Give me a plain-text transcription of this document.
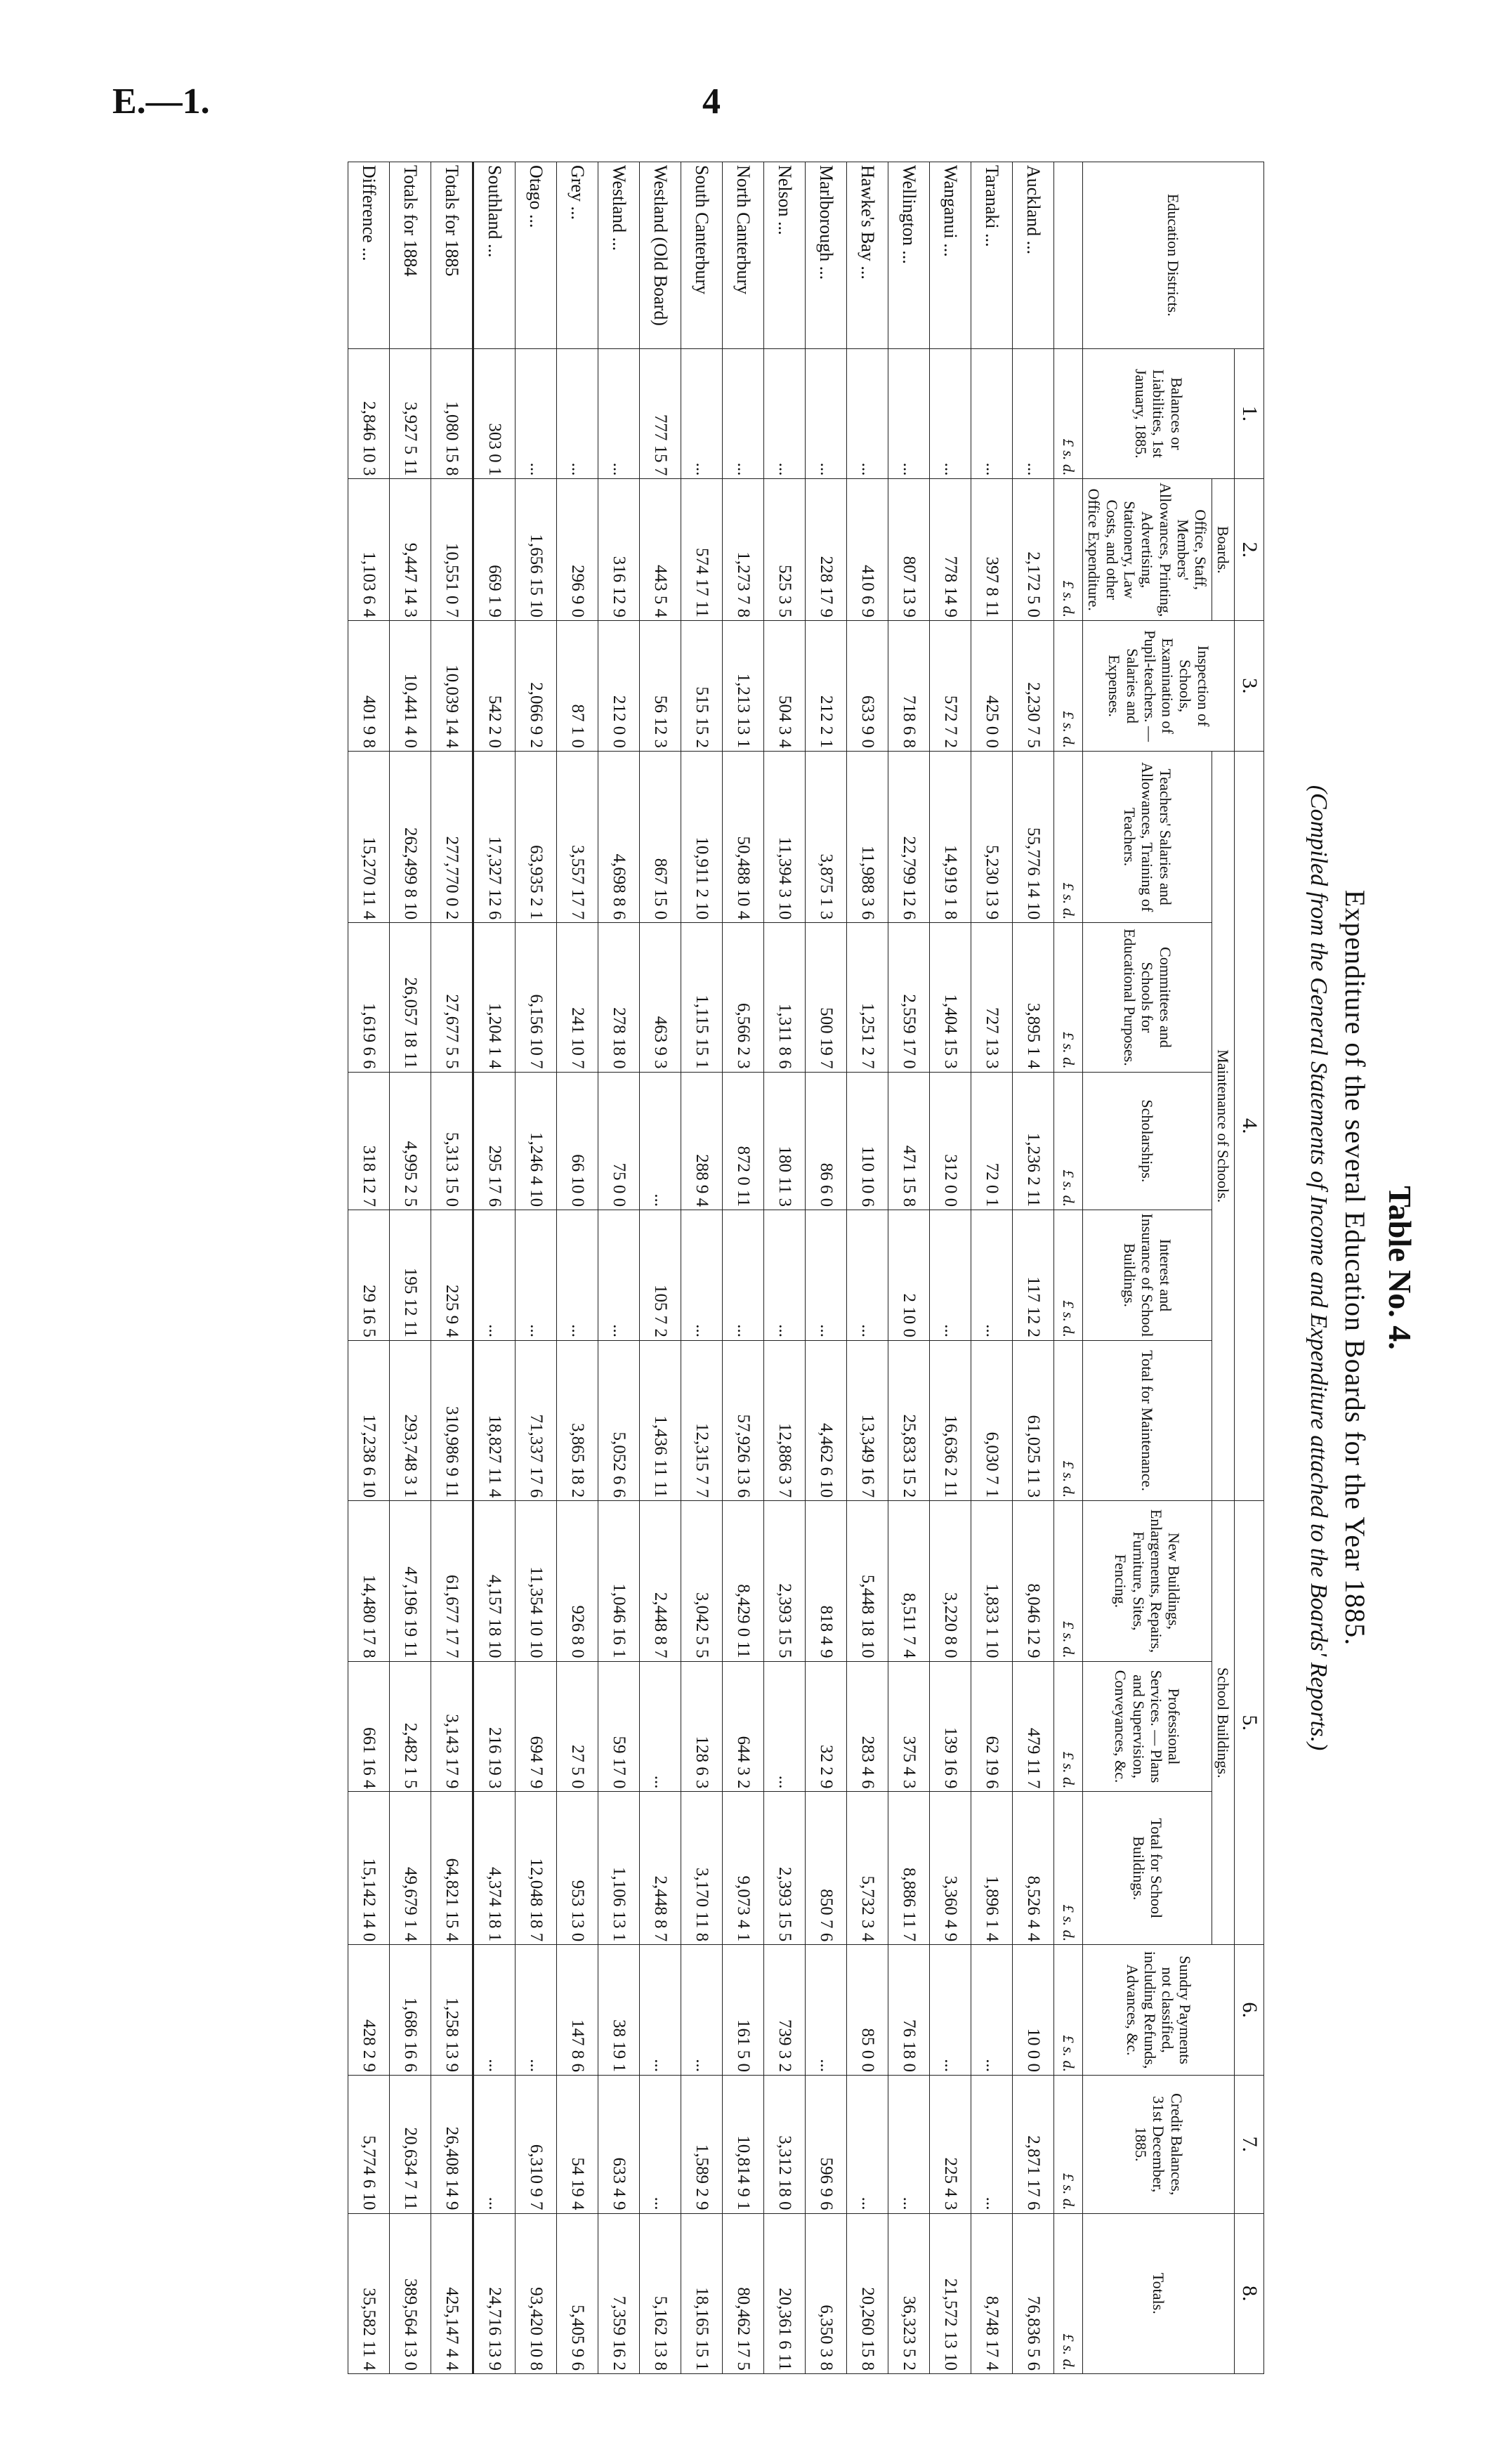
E.—1.	4
Table No. 4.
Expenditure of the several Education Boards for the Year 1885.
(Compiled from the General Statements of Income and Expenditure attached to the Boards' Reports.)
Education Districts.	1.	2.	3.	4.					5.			6.	7.	8.
	Balances or Liabilities, 1st January, 1885.	Boards.	Inspection of Schools, Examination of Pupil-teachers. — Salaries and Expenses.	Maintenance of Schools.					School Buildings.			Sundry Payments not classified, including Refunds, Advances, &c.	Credit Balances, 31st December, 1885.	Totals.
		Office, Staff, Members' Allowances, Printing, Advertising, Stationery, Law Costs, and other Office Expenditure.		Teachers' Salaries and Allowances, Training of Teachers.	Committees and Schools for Educational Purposes.	Scholarships.	Interest and Insurance of School Buildings.	Total for Maintenance.	New Buildings, Enlargements, Repairs, Furniture, Sites, Fencing.	Professional Services. — Plans and Supervision, Conveyances, &c.	Total for School Buildings.			
	£ s. d.	£ s. d.	£ s. d.	£ s. d.	£ s. d.	£ s. d.	£ s. d.	£ s. d.	£ s. d.	£ s. d.	£ s. d.	£ s. d.	£ s. d.	£ s. d.
Auckland ...	...	2,172 5 0	2,230 7 5	55,776 14 10	3,895 1 4	1,236 2 11	117 12 2	61,025 11 3	8,046 12 9	479 11 7	8,526 4 4	10 0 0	2,871 17 6	76,836 5 6
Taranaki ...	...	397 8 11	425 0 0	5,230 13 9	727 13 3	72 0 1	...	6,030 7 1	1,833 1 10	62 19 6	1,896 1 4	...	...	8,748 17 4
Wanganui ...	...	778 14 9	572 7 2	14,919 1 8	1,404 15 3	312 0 0	...	16,636 2 11	3,220 8 0	139 16 9	3,360 4 9	...	225 4 3	21,572 13 10
Wellington ...	...	807 13 9	718 6 8	22,799 12 6	2,559 17 0	471 15 8	2 10 0	25,833 15 2	8,511 7 4	375 4 3	8,886 11 7	76 18 0	...	36,323 5 2
Hawke's Bay ...	...	410 6 9	633 9 0	11,988 3 6	1,251 2 7	110 10 6	...	13,349 16 7	5,448 18 10	283 4 6	5,732 3 4	85 0 0	...	20,260 15 8
Marlborough ...	...	228 17 9	212 2 1	3,875 1 3	500 19 7	86 6 0	...	4,462 6 10	818 4 9	32 2 9	850 7 6	...	596 9 6	6,350 3 8
Nelson ...	...	525 3 5	504 3 4	11,394 3 10	1,311 8 6	180 11 3	...	12,886 3 7	2,393 15 5	...	2,393 15 5	739 3 2	3,312 18 0	20,361 6 11
North Canterbury	...	1,273 7 8	1,213 13 1	50,488 10 4	6,566 2 3	872 0 11	...	57,926 13 6	8,429 0 11	644 3 2	9,073 4 1	161 5 0	10,814 9 1	80,462 17 5
South Canterbury	...	574 17 11	515 15 2	10,911 2 10	1,115 15 1	288 9 4	...	12,315 7 7	3,042 5 5	128 6 3	3,170 11 8	...	1,589 2 9	18,165 15 1
Westland (Old Board)	777 15 7	443 5 4	56 12 3	867 15 0	463 9 3	...	105 7 2	1,436 11 11	2,448 8 7	...	2,448 8 7	...	...	5,162 13 8
Westland ...	...	316 12 9	212 0 0	4,698 8 6	278 18 0	75 0 0	...	5,052 6 6	1,046 16 1	59 17 0	1,106 13 1	38 19 1	633 4 9	7,359 16 2
Grey ...	...	296 9 0	87 1 0	3,557 17 7	241 10 7	66 10 0	...	3,865 18 2	926 8 0	27 5 0	953 13 0	147 8 6	54 19 4	5,405 9 6
Otago ...	...	1,656 15 10	2,066 9 2	63,935 2 1	6,156 10 7	1,246 4 10	...	71,337 17 6	11,354 10 10	694 7 9	12,048 18 7	...	6,310 9 7	93,420 10 8
Southland ...	303 0 1	669 1 9	542 2 0	17,327 12 6	1,204 1 4	295 17 6	...	18,827 11 4	4,157 18 10	216 19 3	4,374 18 1	...	...	24,716 13 9
Totals for 1885	1,080 15 8	10,551 0 7	10,039 14 4	277,770 0 2	27,677 5 5	5,313 15 0	225 9 4	310,986 9 11	61,677 17 7	3,143 17 9	64,821 15 4	1,258 13 9	26,408 14 9	425,147 4 4
Totals for 1884	3,927 5 11	9,447 14 3	10,441 4 0	262,499 8 10	26,057 18 11	4,995 2 5	195 12 11	293,748 3 1	47,196 19 11	2,482 1 5	49,679 1 4	1,686 16 6	20,634 7 11	389,564 13 0
Difference ...	2,846 10 3	1,103 6 4	401 9 8	15,270 11 4	1,619 6 6	318 12 7	29 16 5	17,238 6 10	14,480 17 8	661 16 4	15,142 14 0	428 2 9	5,774 6 10	35,582 11 4
